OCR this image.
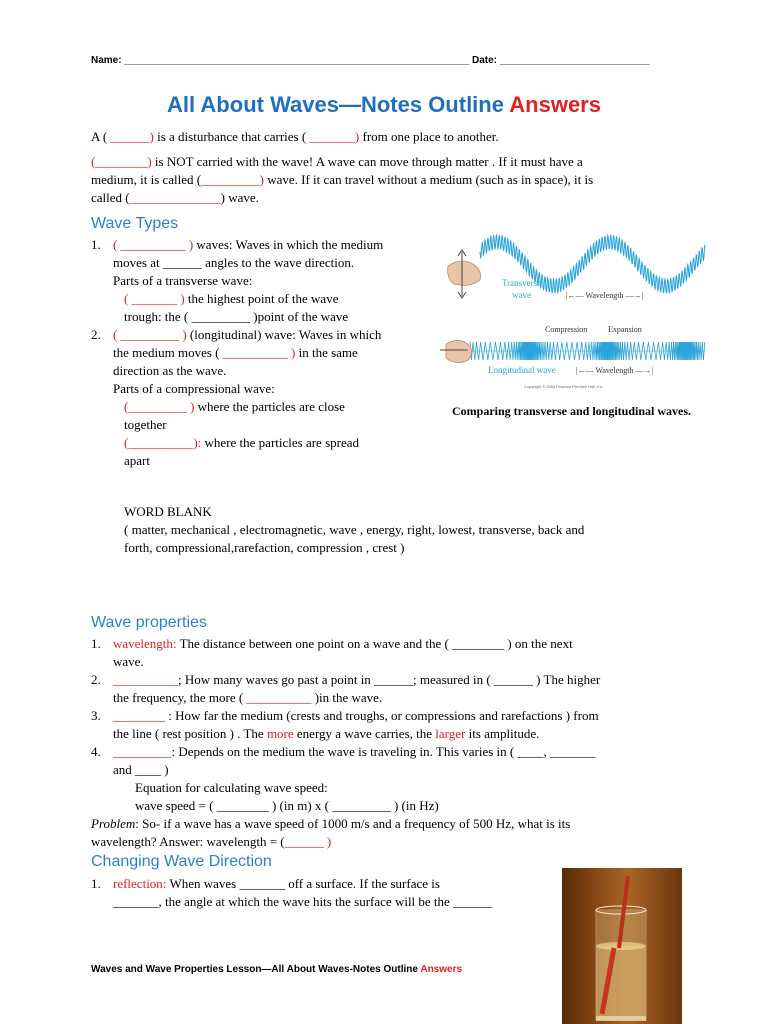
Name: ______________________________________________________________ Date: ___________________________
All About Waves—Notes Outline Answers
A ( ______) is a disturbance that carries ( _______) from one place to another.
(________) is NOT carried with the wave! A wave can move through matter . If it must have a
medium, it is called (_________) wave. If it can travel without a medium (such as in space), it is
called (______________) wave.
Wave Types
1. ( __________ ) waves: Waves in which the medium
moves at ______ angles to the wave direction.
Parts of a transverse wave:
( _______ ) the highest point of the wave
trough: the ( _________ )point of the wave
2. ( _________ ) (longitudinal) wave: Waves in which
the medium moves ( __________ ) in the same
direction as the wave.
Parts of a compressional wave:
(_________ ) where the particles are close
together
(__________): where the particles are spread
apart
Transverse
wave	|←— Wavelength —→|
Compression	Expansion
Longitudinal wave	|←— Wavelength —→|
Copyright © 2003 Pearson Prentice Hall, Inc.
Comparing transverse and longitudinal waves.
WORD BLANK
( matter, mechanical , electromagnetic, wave , energy, right, lowest, transverse, back and
forth, compressional,rarefaction, compression , crest )
Wave properties
1. wavelength: The distance between one point on a wave and the ( ________ ) on the next
wave.
2. __________; How many waves go past a point in ______; measured in ( ______ ) The higher
the frequency, the more ( __________ )in the wave.
3. ________ : How far the medium (crests and troughs, or compressions and rarefactions ) from
the line ( rest position ) . The more energy a wave carries, the larger its amplitude.
4. _________: Depends on the medium the wave is traveling in. This varies in ( ____, _______
and ____ )
Equation for calculating wave speed:
wave speed = ( ________ ) (in m) x ( _________ ) (in Hz)
Problem: So- if a wave has a wave speed of 1000 m/s and a frequency of 500 Hz, what is its
wavelength? Answer: wavelength = (______ )
Changing Wave Direction
1. reflection: When waves _______ off a surface. If the surface is
_______, the angle at which the wave hits the surface will be the ______
Waves and Wave Properties Lesson—All About Waves-Notes Outline Answers
